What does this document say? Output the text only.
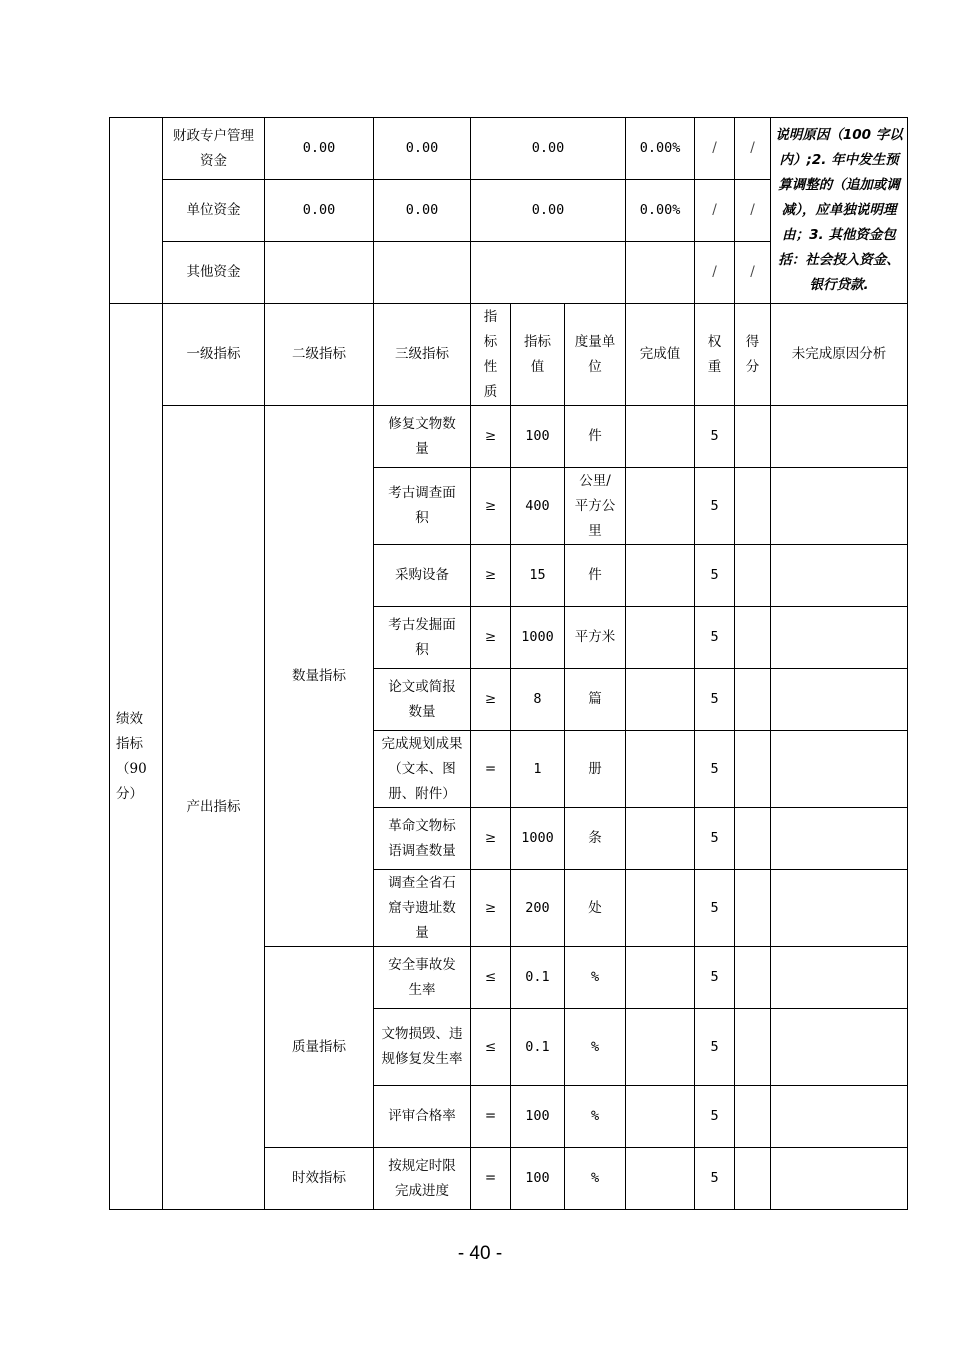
	财政专户管理资金	0.00	0.00	0.00			0.00%	/	/	说明原因（100 字以内）;2. 年中发生预算调整的（追加或调减），应单独说明理由；3. 其他资金包括：社会投入资金、银行贷款.
	单位资金	0.00	0.00	0.00			0.00%	/	/	
	其他资金							/	/	

绩效指标（90分）	一级指标	二级指标	三级指标	指标性质	指标值	度量单位	完成值	权重	得分	未完成原因分析
	产出指标	数量指标	修复文物数量	≥	100	件		5		

			考古调查面积	≥	400	公里/平方公里		5		

			采购设备	≥	15	件		5		

			考古发掘面积	≥	1000	平方米		5		

			论文或简报数量	≥	8	篇		5		

			完成规划成果（文本、图册、附件）	=	1	册		5		

			革命文物标语调查数量	≥	1000	条		5		

			调查全省石窟寺遗址数量	≥	200	处		5		
		质量指标	安全事故发生率	≤	0.1	%		5		

			文物损毁、违规修复发生率	≤	0.1	%		5		

			评审合格率	=	100	%		5		
		时效指标	按规定时限完成进度	=	100	%		5		
- 40 -
